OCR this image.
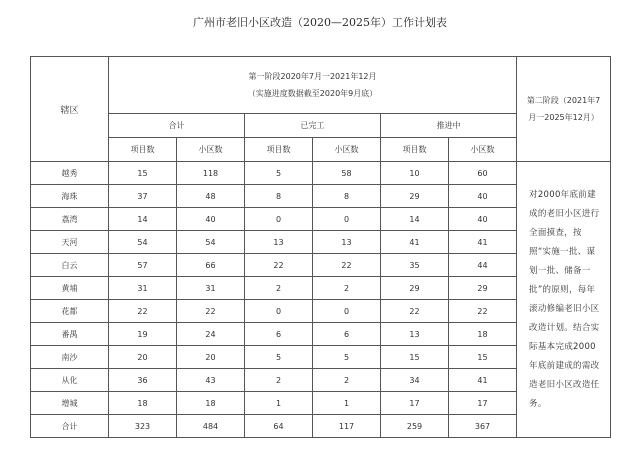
广州市老旧小区改造（2020—2025年）工作计划表
辖区	第一阶段2020年7月一2021年12月
（实施进度数据截至2020年9月底）						第二阶段（2021年7
月一2025年12月）

	合计		已完工		推进中		
	项目数	小区数	项目数	小区数	项目数	小区数	
越秀	15	118	5	58	10	60	对2000年底前建成的老旧小区进行全面摸查，按照“实施一批、谋划一批、储备一批”的原则，每年滚动修编老旧小区改造计划。结合实际基本完成2000年底前建成的需改造老旧小区改造任务。
海珠	37	48	8	8	29	40	
荔湾	14	40	0	0	14	40	
天河	54	54	13	13	41	41	
白云	57	66	22	22	35	44	
黄埔	31	31	2	2	29	29	
花都	22	22	0	0	22	22	
番禺	19	24	6	6	13	18	
南沙	20	20	5	5	15	15	
从化	36	43	2	2	34	41	
增城	18	18	1	1	17	17	
合计	323	484	64	117	259	367	
